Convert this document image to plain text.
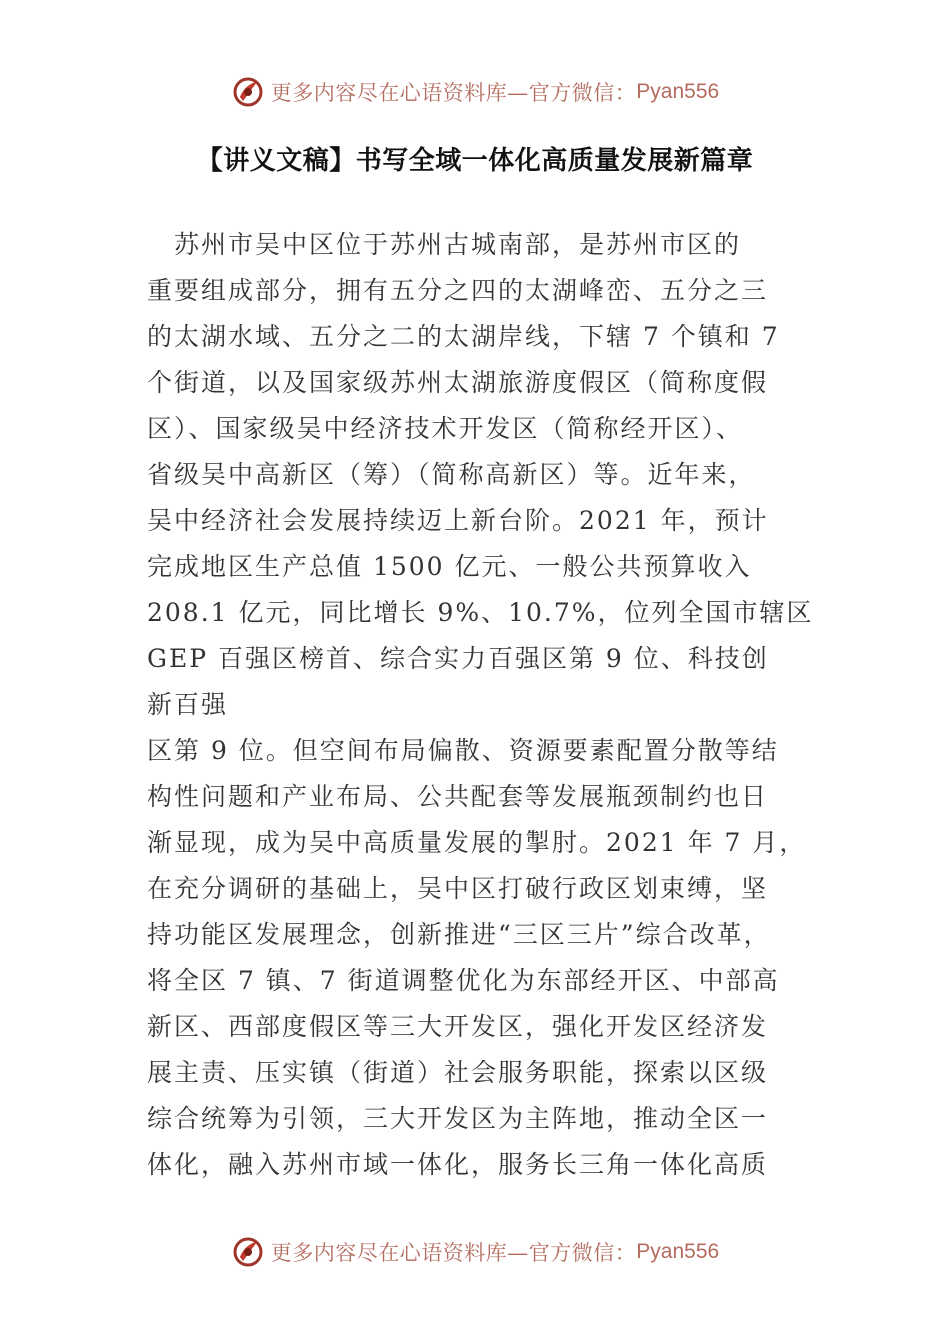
更多内容尽在心语资料库—官方微信： Pyan556
【讲义文稿】书写全域一体化高质量发展新篇章
　苏州市吴中区位于苏州古城南部，是苏州市区的
重要组成部分，拥有五分之四的太湖峰峦、五分之三
的太湖水域、五分之二的太湖岸线，下辖 7 个镇和 7
个街道，以及国家级苏州太湖旅游度假区（简称度假
区）、国家级吴中经济技术开发区（简称经开区）、
省级吴中高新区（筹）（简称高新区）等。近年来，
吴中经济社会发展持续迈上新台阶。2021 年，预计
完成地区生产总值 1500 亿元、一般公共预算收入
208.1 亿元，同比增长 9%、10.7%，位列全国市辖区
GEP 百强区榜首、综合实力百强区第 9 位、科技创
新百强
区第 9 位。但空间布局偏散、资源要素配置分散等结
构性问题和产业布局、公共配套等发展瓶颈制约也日
渐显现，成为吴中高质量发展的掣肘。2021 年 7 月，
在充分调研的基础上，吴中区打破行政区划束缚，坚
持功能区发展理念，创新推进“三区三片”综合改革，
将全区 7 镇、7 街道调整优化为东部经开区、中部高
新区、西部度假区等三大开发区，强化开发区经济发
展主责、压实镇（街道）社会服务职能，探索以区级
综合统筹为引领，三大开发区为主阵地，推动全区一
体化，融入苏州市域一体化，服务长三角一体化高质
更多内容尽在心语资料库—官方微信： Pyan556
